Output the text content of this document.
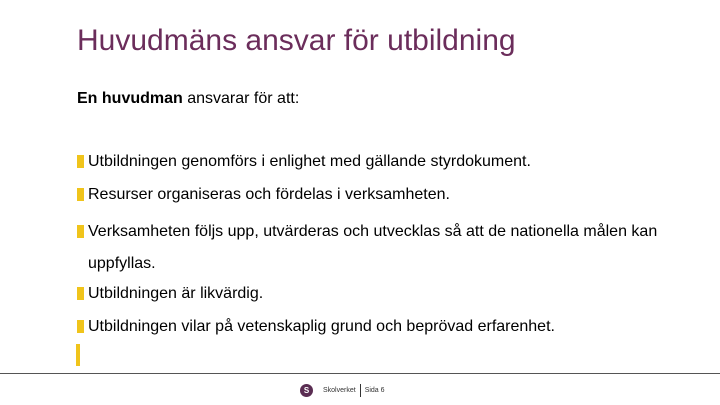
Huvudmäns ansvar för utbildning
En huvudman ansvarar för att:
Utbildningen genomförs i enlighet med gällande styrdokument.
Resurser organiseras och fördelas i verksamheten.
Verksamheten följs upp, utvärderas och utvecklas så att de nationella målen kan uppfyllas.
Utbildningen är likvärdig.
Utbildningen vilar på vetenskaplig grund och beprövad erfarenhet.
S	Skolverket Sida 6
